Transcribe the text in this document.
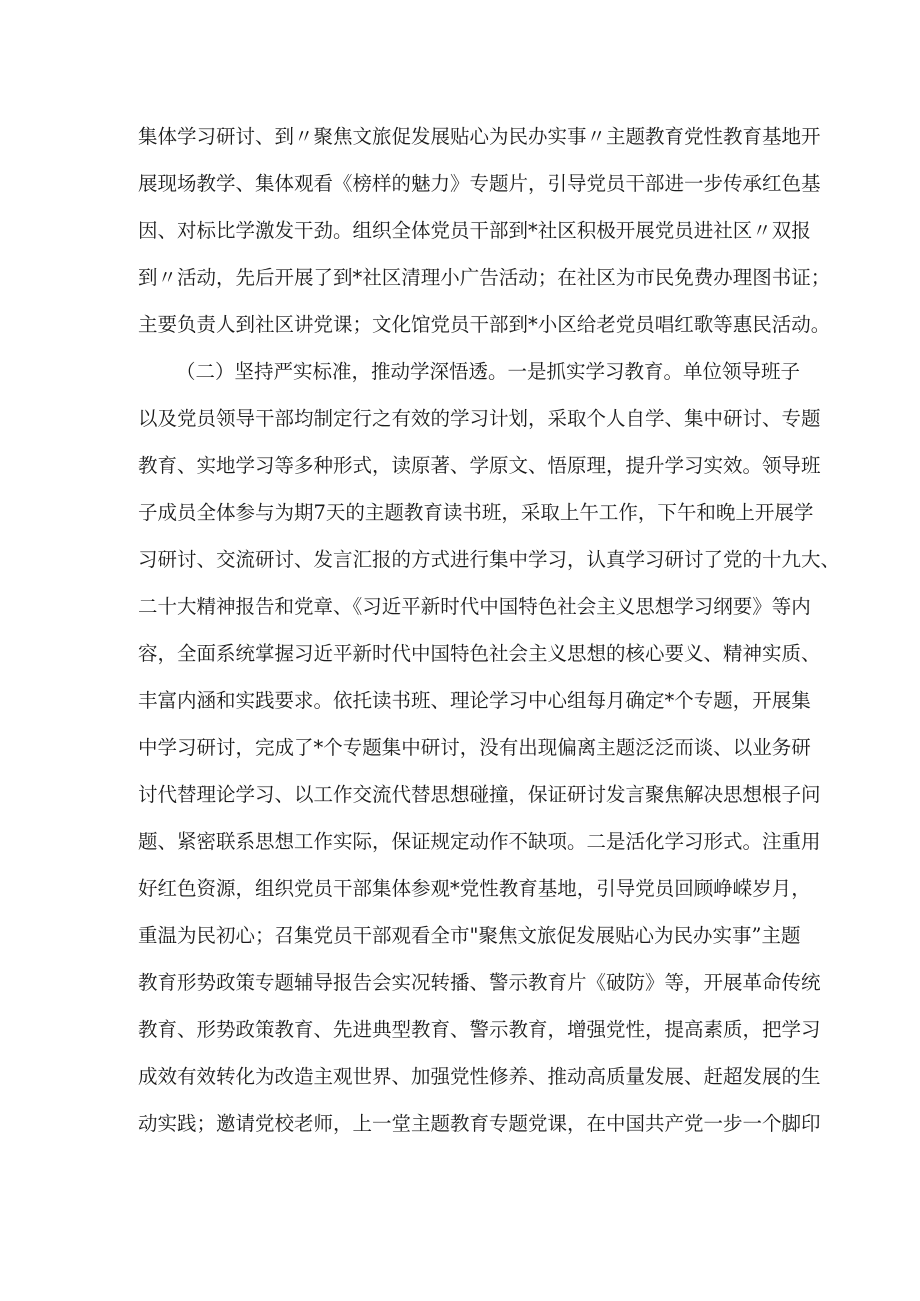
集体学习研讨、到〃聚焦文旅促发展贴心为民办实事〃主题教育党性教育基地开
展现场教学、集体观看《榜样的魅力》专题片，引导党员干部进一步传承红色基
因、对标比学激发干劲。组织全体党员干部到*社区积极开展党员进社区〃双报
到〃活动，先后开展了到*社区清理小广告活动；在社区为市民免费办理图书证；
主要负责人到社区讲党课；文化馆党员干部到*小区给老党员唱红歌等惠民活动。
（二）坚持严实标准，推动学深悟透。一是抓实学习教育。单位领导班子
以及党员领导干部均制定行之有效的学习计划，采取个人自学、集中研讨、专题
教育、实地学习等多种形式，读原著、学原文、悟原理，提升学习实效。领导班
子成员全体参与为期7天的主题教育读书班，采取上午工作，下午和晚上开展学
习研讨、交流研讨、发言汇报的方式进行集中学习，认真学习研讨了党的十九大、
二十大精神报告和党章、《习近平新时代中国特色社会主义思想学习纲要》等内
容，全面系统掌握习近平新时代中国特色社会主义思想的核心要义、精神实质、
丰富内涵和实践要求。依托读书班、理论学习中心组每月确定*个专题，开展集
中学习研讨，完成了*个专题集中研讨，没有出现偏离主题泛泛而谈、以业务研
讨代替理论学习、以工作交流代替思想碰撞，保证研讨发言聚焦解决思想根子问
题、紧密联系思想工作实际，保证规定动作不缺项。二是活化学习形式。注重用
好红色资源，组织党员干部集体参观*党性教育基地，引导党员回顾峥嵘岁月，
重温为民初心；召集党员干部观看全市"聚焦文旅促发展贴心为民办实事”主题
教育形势政策专题辅导报告会实况转播、警示教育片《破防》等，开展革命传统
教育、形势政策教育、先进典型教育、警示教育，增强党性，提高素质，把学习
成效有效转化为改造主观世界、加强党性修养、推动高质量发展、赶超发展的生
动实践；邀请党校老师，上一堂主题教育专题党课，在中国共产党一步一个脚印
